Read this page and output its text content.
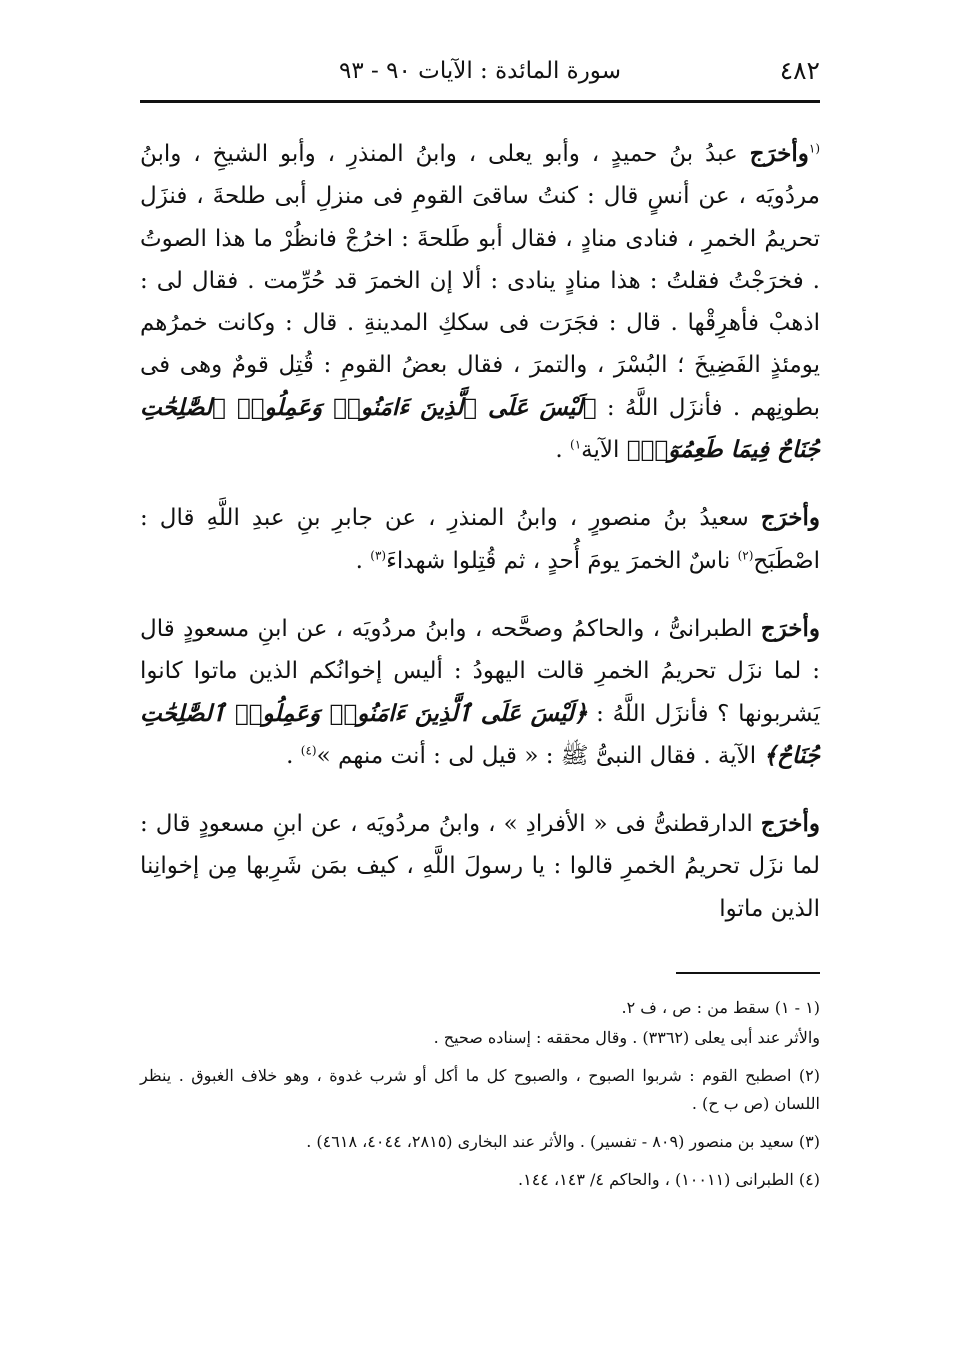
٤٨٢
سورة المائدة : الآيات ٩٠ - ٩٣

$^{(١}$وأخرَج عبدُ بنُ حميدٍ ، وأبو يعلى ، وابنُ المنذرِ ، وأبو الشيخِ ، وابنُ مردُويَه ، عن أنسٍ قال : كنتُ ساقىَ القومِ فى منزلِ أبى طلحةَ ، فنزَل تحريمُ الخمرِ ، فنادى منادٍ ، فقال أبو طَلحةَ : اخرُجْ فانظُرْ ما هذا الصوتُ . فخرَجْتُ فقلتُ : هذا منادٍ ينادى : ألا إن الخمرَ قد حُرِّمت . فقال لى : اذهبْ فأهرِقْها . قال : فجَرَت فى سككِ المدينةِ . قال : وكانت خمرُهم يومئذٍ الفَضِيخَ ؛ البُسْرَ ، والتمرَ ، فقال بعضُ القومِ : قُتِل قومٌ وهى فى بطونِهم . فأنزَل اللَّهُ : ﴿لَيْسَ عَلَى ٱلَّذِينَ ءَامَنُوا۟ وَعَمِلُوا۟ ٱلصَّٰلِحَٰتِ جُنَاحٌ فِيمَا طَعِمُوٓا۟﴾ الآية$^{١)}$ .

وأخرَج سعيدُ بنُ منصورٍ ، وابنُ المنذرِ ، عن جابرِ بنِ عبدِ اللَّهِ قال : اصْطَبَح$^{(٢)}$ ناسٌ الخمرَ يومَ أُحدٍ ، ثم قُتِلوا شهداءَ$^{(٣)}$ .

وأخرَج الطبرانىُّ ، والحاكمُ وصحَّحه ، وابنُ مردُويَه ، عن ابنِ مسعودٍ قال : لما نزَل تحريمُ الخمرِ قالت اليهودُ : أليس إخوانُكم الذين ماتوا كانوا يَشربونها ؟ فأنزَل اللَّهُ : ﴿لَيْسَ عَلَى ٱلَّذِينَ ءَامَنُوا۟ وَعَمِلُوا۟ ٱلصَّٰلِحَٰتِ جُنَاحٌ﴾ الآية . فقال النبىُّ ﷺ : « قيل لى : أنت منهم »$^{(٤)}$ .

وأخرَج الدارقطنىُّ فى « الأفرادِ » ، وابنُ مردُويَه ، عن ابنِ مسعودٍ قال : لما نزَل تحريمُ الخمرِ قالوا : يا رسولَ اللَّهِ ، كيف بمَن شَرِبها مِن إخوانِنا الذين ماتوا

(١ - ١) سقط من : ص ، ف ٢.

والأثر عند أبى يعلى (٣٣٦٢) . وقال محققه : إسناده صحيح .

(٢) اصطبح القوم : شربوا الصبوح ، والصبوح كل ما أكل أو شرب غدوة ، وهو خلاف الغبوق . ينظر اللسان (ص ب ح) .

(٣) سعيد بن منصور (٨٠٩ - تفسير) . والأثر عند البخارى (٢٨١٥، ٤٠٤٤، ٤٦١٨) .

(٤) الطبرانى (١٠٠١١) ، والحاكم ٤/ ١٤٣، ١٤٤.
